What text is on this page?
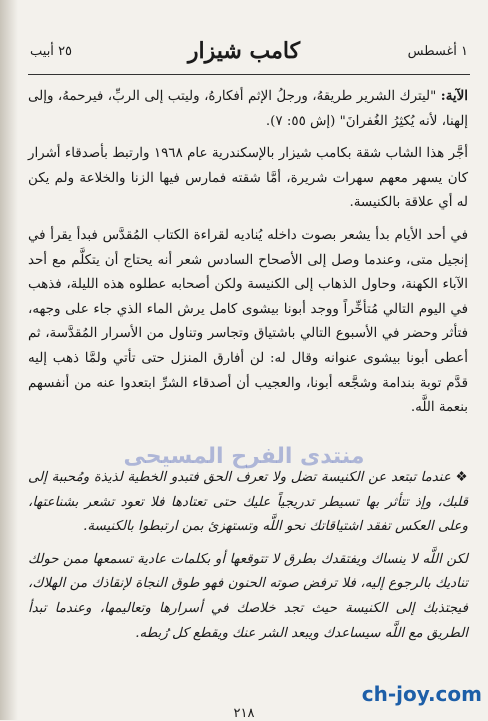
٢٥ أبيب	كامب شيزار	١ أغسطس

الآية: "ليترك الشرير طريقهُ، ورجلُ الإثم أفكارهُ، وليتب إلى الربِّ، فيرحمهُ، وإلى إلهنا، لأنه يُكثِرُ الغُفرانَ" (إش ٥٥: ٧).

أجَّر هذا الشاب شقة بكامب شيزار بالإسكندرية عام ١٩٦٨ وارتبط بأصدقاء أشرار كان يسهر معهم سهرات شريرة، أمَّا شقته فمارس فيها الزنا والخلاعة ولم يكن له أي علاقة بالكنيسة.

في أحد الأيام بدأ يشعر بصوت داخله يُناديه لقراءة الكتاب المُقدَّس فبدأ يقرأ في إنجيل متى، وعندما وصل إلى الأصحاح السادس شعر أنه يحتاج أن يتكلَّم مع أحد الآباء الكهنة، وحاول الذهاب إلى الكنيسة ولكن أصحابه عطلوه هذه الليلة، فذهب في اليوم التالي مُتأخِّراً ووجد أبونا بيشوى كامل يرش الماء الذي جاء على وجهه، فتأثر وحضر في الأسبوع التالي باشتياق وتجاسر وتناول من الأسرار المُقدَّسة، ثم أعطى أبونا بيشوى عنوانه وقال له: لن أفارق المنزل حتى تأتي ولمَّا ذهب إليه قدَّم توبة بندامة وشجَّعه أبونا، والعجيب أن أصدقاء الشرِّ ابتعدوا عنه من أنفسهم بنعمة اللَّه.

منتدى الفرح المسيحى

❖ عندما تبتعد عن الكنيسة تضل ولا تعرف الحق فتبدو الخطية لذيذة ومُحببة إلى قلبك، وإذ تتأثر بها تسيطر تدريجياً عليك حتى تعتادها فلا تعود تشعر بشناعتها، وعلى العكس تفقد اشتياقاتك نحو اللَّه وتستهزئ بمن ارتبطوا بالكنيسة.

لكن اللَّه لا ينساك ويفتقدك بطرق لا تتوقعها أو بكلمات عادية تسمعها ممن حولك تناديك بالرجوع إليه، فلا ترفض صوته الحنون فهو طوق النجاة لإنقاذك من الهلاك، فيجتذبك إلى الكنيسة حيث تجد خلاصك في أسرارها وتعاليمها، وعندما تبدأ الطريق مع اللَّه سيساعدك ويبعد الشر عنك ويقطع كل رُبطه.

ch-joy.com
٢١٨
